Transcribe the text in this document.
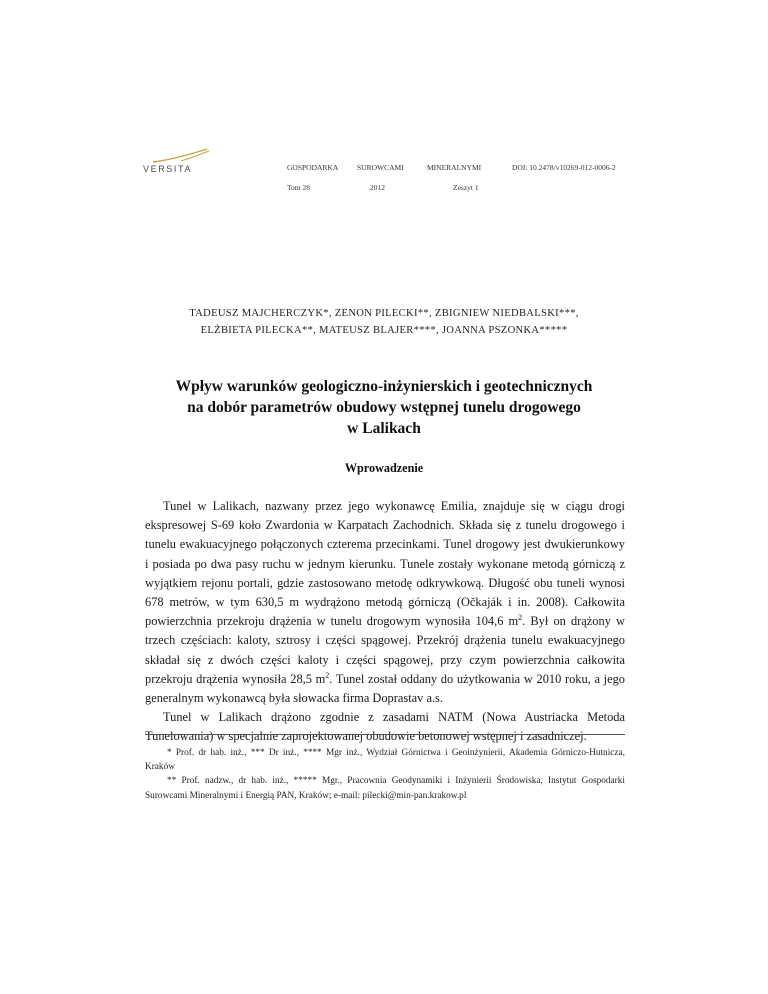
VERSITA	GOSPODARKA SUROWCAMI	MINERALNYMI	DOI: 10.2478/v10269-012-0006-2
Tom 28	2012	Zeszyt 1
TADEUSZ MAJCHERCZYK*, ZENON PILECKI**, ZBIGNIEW NIEDBALSKI***,
ELŻBIETA PILECKA**, MATEUSZ BLAJER****, JOANNA PSZONKA*****
Wpływ warunków geologiczno-inżynierskich i geotechnicznych
na dobór parametrów obudowy wstępnej tunelu drogowego
w Lalikach
Wprowadzenie

Tunel w Lalikach, nazwany przez jego wykonawcę Emilia, znajduje się w ciągu drogi ekspresowej S-69 koło Zwardonia w Karpatach Zachodnich. Składa się z tunelu drogowego i tunelu ewakuacyjnego połączonych czterema przecinkami. Tunel drogowy jest dwukierunkowy i posiada po dwa pasy ruchu w jednym kierunku. Tunele zostały wykonane metodą górniczą z wyjątkiem rejonu portali, gdzie zastosowano metodę odkrywkową. Długość obu tuneli wynosi 678 metrów, w tym 630,5 m wydrążono metodą górniczą (Očkaják i in. 2008). Całkowita powierzchnia przekroju drążenia w tunelu drogowym wynosiła 104,6 $m^2$. Był on drążony w trzech częściach: kaloty, sztrosy i części spągowej. Przekrój drążenia tunelu ewakuacyjnego składał się z dwóch części kaloty i części spągowej, przy czym powierzchnia całkowita przekroju drążenia wynosiła 28,5 $m^2$. Tunel został oddany do użytkowania w 2010 roku, a jego generalnym wykonawcą była słowacka firma Doprastav a.s.

Tunel w Lalikach drążono zgodnie z zasadami NATM (Nowa Austriacka Metoda Tunelowania) w specjalnie zaprojektowanej obudowie betonowej wstępnej i zasadniczej.

* Prof. dr hab. inż., *** Dr inż., **** Mgr inż., Wydział Górnictwa i Geoinżynierii, Akademia Górniczo-Hutnicza, Kraków

** Prof. nadzw., dr hab. inż., ***** Mgr., Pracownia Geodynamiki i Inżynierii Środowiska, Instytut Gospodarki Surowcami Mineralnymi i Energią PAN, Kraków; e-mail: pilecki@min-pan.krakow.pl
